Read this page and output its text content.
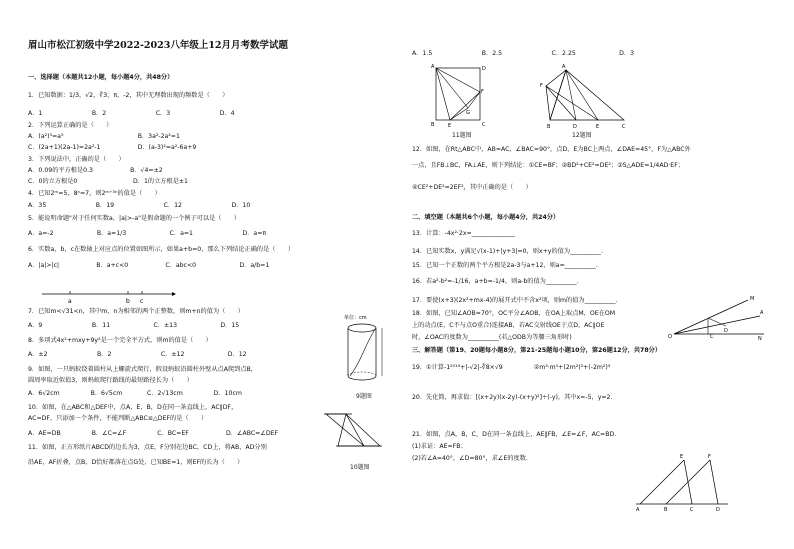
眉山市松江初级中学2022-2023八年级上12月月考数学试题
一、选择题（本题共12小题，每小题4分，共48分）
1．已知数据：1/3，√2，∛3，π，-2，其中无理数出现的频数是（　　）
A．1　　　　　　　　B．2　　　　　　　　C．3　　　　　　　　D．4
2．下列运算正确的是（　　）
A．(a²)³=a⁵　　　　　　　　　　　　B．3a²-2a²=1
C．(2a+1)(2a-1)=2a²-1　　　　　　D．(a-3)²=a²-6a+9
3．下列说法中，正确的是（　　）
A．0.09的平方根是0.3　　　　　　B．√4=±2
C．0的立方根是0　　　　　　　　　D．1的立方根是±1
4．已知2ᵐ=5，8ⁿ=7，则2ᵐ⁺³ⁿ的值是（　　）
A．35　　　　　　　　B．19　　　　　　　　C．12　　　　　　　　D．10
5．能说明命题"对于任何实数a，|a|>-a"是假命题的一个例子可以是（　　）
A．a=-2　　　　　　　B．a=1/3　　　　　　　C．a=1　　　　　　　　D．a=π
6．实数a，b，c在数轴上对应点的位置如图所示，如果a+b=0，那么下列结论正确的是（　　）
A．|a|>|c|　　　　　　B．a+c<0　　　　　　C．abc<0　　　　　　　D．a/b=1
7．已知m<√31<n，其中m，n为相邻的两个正整数，则m+n的值为（　　）
A．9　　　　　　　　B．11　　　　　　　C．±13　　　　　　　D．15
8．多项式4x²+mxy+9y²是一个完全平方式，则m的值是（　　）
A．±2　　　　　　　　B．2　　　　　　　　C．±12　　　　　　　D．12
9．如图，一只蚂蚁绕着圆柱从上螺旋式爬行，假设蚂蚁沿圆柱外壁从点A爬到点B,
圆周率取近似值3，则蚂蚁爬行路线的最短路径长为（　　）
A．6√2cm　　　　　B．6√5cm　　　　C．2√13cm　　　　　D．10cm
10．如图，在△ABC和△DEF中，点A，E，B，D在同一条直线上，AC∥DF，
AC=DF，只添加一个条件，不能判断△ABC≌△DEF的是（　　）
A．AE=DB　　　　　B．∠C=∠F　　　　　C．BC=EF　　　　　　D．∠ABC=∠DEF
11．如图，正方形纸片ABCD的边长为3，点E，F分别在边BC，CD上，将AB，AD分别
沿AE，AF折叠，点B，D恰好都落在点G处，已知BE=1，则EF的长为（　　）
A．1.5　　　　　　　　B．2.5　　　　　　　　C．2.25　　　　　　　D．3
12．如图，在Rt△ABC中，AB=AC，∠BAC=90°，点D，E为BC上两点，∠DAE=45°，F为△ABC外
一点，且FB⊥BC，FA⊥AE，则下列结论：①CE=BF；②BD²+CE²=DE²；③S△ADE=1/4AD·EF；
④CE²+DE²=2EF²，其中正确的是（　　）
二、填空题（本题共6个小题，每小题4分，共24分）
13．计算：-4x²·2x=______________
14．已知实数x，y满足√(x-1)+|y+3|=0，则x+y的值为__________.
15．已知一个正数的两个平方根是2a-3与a+12，则a=__________.
16．若a²-b²=-1/16，a+b=-1/4，则a-b的值为__________.
17．要使(x+3)(2x²+mx-4)的展开式中不含x²项，则m的值为__________.
18．如图，已知∠AOB=70°，OC平分∠AOB，在OA上取点M，OE在OM
上的动点(E，C不与点O重合)连接AB，若AC交射线OE于点D，AC∥OE
时，∠OAC的度数为__________(若△ODB为等腰三角形时)
三、解答题（第19、20题每小题8分，第21-25题每小题10分，第26题12分，共78分）
19．①计算-1²⁰¹⁹+|-√2|-∛8×√9　　　　　②m³·m⁵+(2m²)³+(-2m²)³
20．先化简，再求值：[(x+2y)(x-2y)-(x+y)²]÷(-y)，其中x=-5，y=2.
21．如图，点A，B，C，D在同一条直线上，AE∥FB，∠E=∠F，AC=BD.
(1)求证：AE=FB；
(2)若∠A=40°，∠D=80°，求∠E的度数.
a	b c
单位：cm
9题图
10题图
A	D
B	E	C
F
G
11题图
A
F
B	D	E	C
12题图
O
M
A
N
D
C
A	B	C	D
E	F
